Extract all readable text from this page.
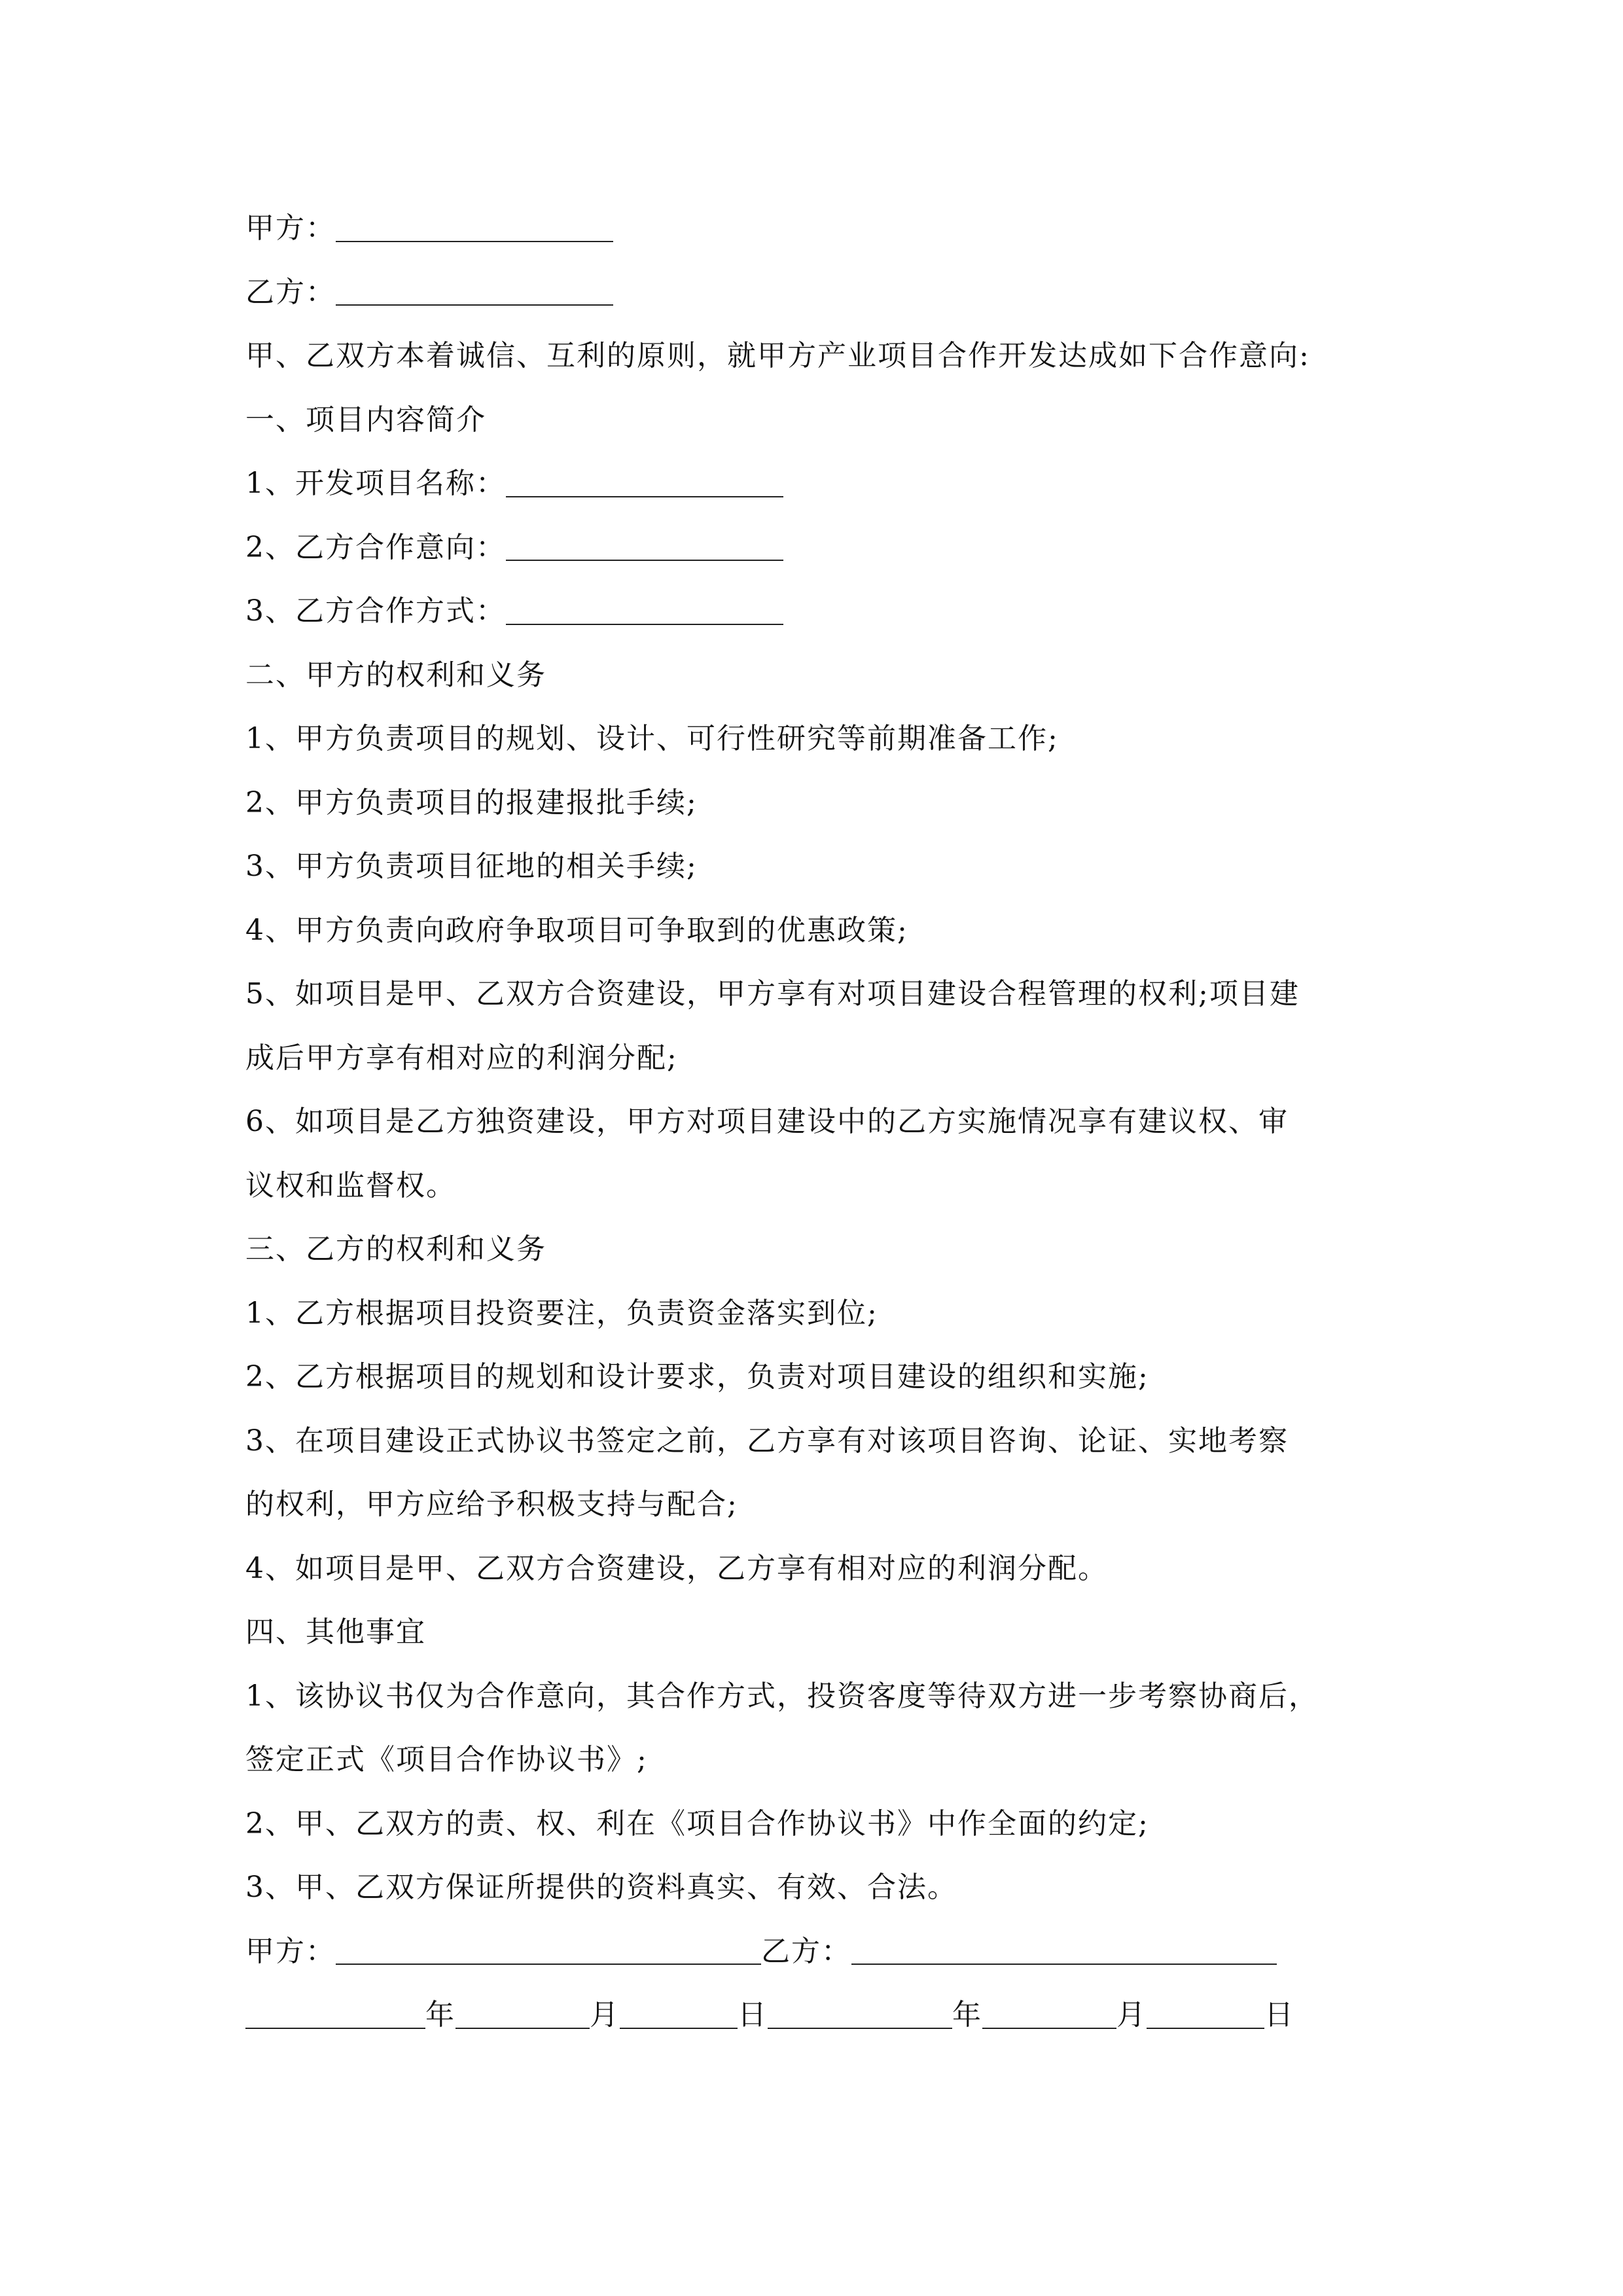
甲方：
乙方：
甲、乙双方本着诚信、互利的原则，就甲方产业项目合作开发达成如下合作意向:
一、项目内容简介
1、开发项目名称：
2、乙方合作意向：
3、乙方合作方式：
二、甲方的权利和义务
1、甲方负责项目的规划、设计、可行性研究等前期准备工作;
2、甲方负责项目的报建报批手续;
3、甲方负责项目征地的相关手续;
4、甲方负责向政府争取项目可争取到的优惠政策;
5、如项目是甲、乙双方合资建设，甲方享有对项目建设合程管理的权利;项目建
成后甲方享有相对应的利润分配;
6、如项目是乙方独资建设，甲方对项目建设中的乙方实施情况享有建议权、审
议权和监督权。
三、乙方的权利和义务
1、乙方根据项目投资要注，负责资金落实到位;
2、乙方根据项目的规划和设计要求，负责对项目建设的组织和实施;
3、在项目建设正式协议书签定之前，乙方享有对该项目咨询、论证、实地考察
的权利，甲方应给予积极支持与配合;
4、如项目是甲、乙双方合资建设，乙方享有相对应的利润分配。
四、其他事宜
1、该协议书仅为合作意向，其合作方式，投资客度等待双方进一步考察协商后，
签定正式《项目合作协议书》;
2、甲、乙双方的责、权、利在《项目合作协议书》中作全面的约定;
3、甲、乙双方保证所提供的资料真实、有效、合法。
甲方：	乙方：
年	月	日	年	月	日
